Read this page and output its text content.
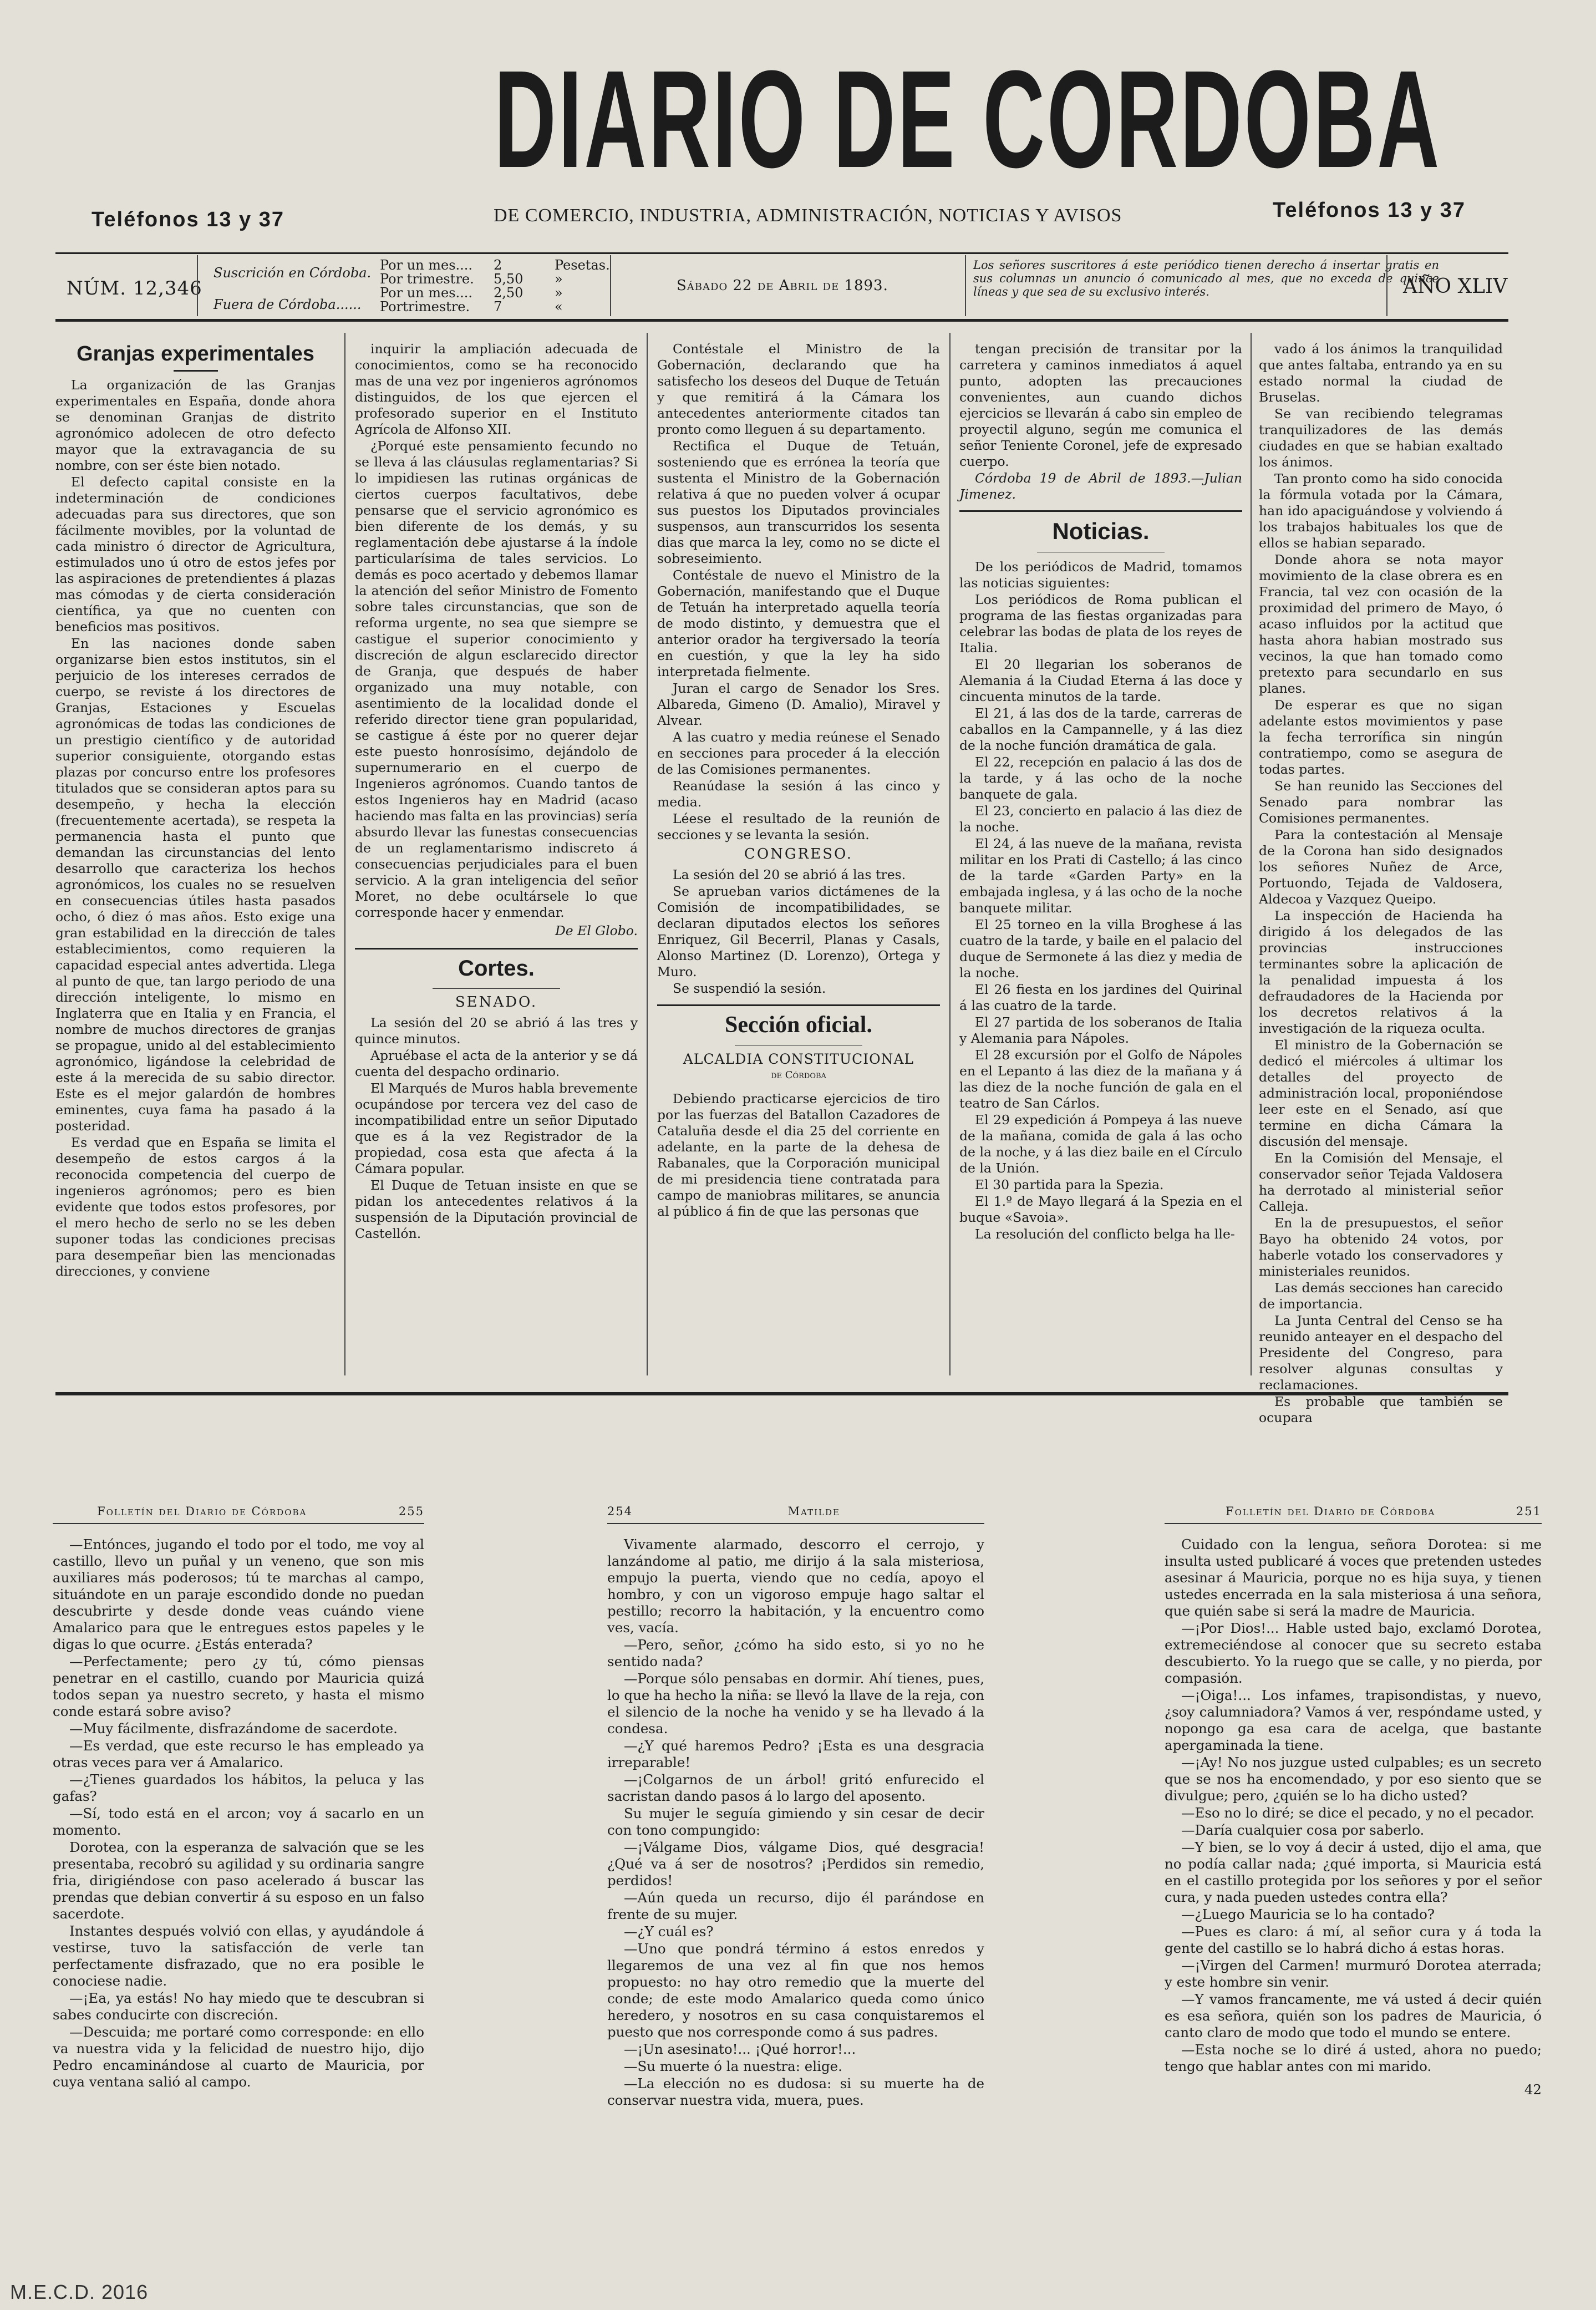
DIARIO DE CORDOBA
Teléfonos 13 y 37	Teléfonos 13 y 37
DE COMERCIO, INDUSTRIA, ADMINISTRACIÓN, NOTICIAS Y AVISOS
NÚM. 12,346
Suscrición en Córdoba.
Fuera de Córdoba......
Por un mes....	2	Pesetas.
Por trimestre.	5,50	»
Por un mes....	2,50	»
Portrimestre.	7	«
Sábado 22 de Abril de 1893.
Los señores suscritores á este periódico tienen derecho á insertar gratis en sus columnas un anuncio ó comunicado al mes, que no exceda de quince líneas y que sea de su exclusivo interés.	AÑO XLIV
Granjas experimentales

La organización de las Granjas experimentales en España, donde ahora se denominan Granjas de distrito agronómico adolecen de otro defecto mayor que la extravagancia de su nombre, con ser éste bien notado.

El defecto capital consiste en la indeterminación de condiciones adecuadas para sus directores, que son fácilmente movibles, por la voluntad de cada ministro ó director de Agricultura, estimulados uno ú otro de estos jefes por las aspiraciones de pretendientes á plazas mas cómodas y de cierta consideración científica, ya que no cuenten con beneficios mas positivos.

En las naciones donde saben organizarse bien estos institutos, sin el perjuicio de los intereses cerrados de cuerpo, se reviste á los directores de Granjas, Estaciones y Escuelas agronómicas de todas las condiciones de un prestigio científico y de autoridad superior consiguiente, otorgando estas plazas por concurso entre los profesores titulados que se consideran aptos para su desempeño, y hecha la elección (frecuentemente acertada), se respeta la permanencia hasta el punto que demandan las circunstancias del lento desarrollo que caracteriza los hechos agronómicos, los cuales no se resuelven en consecuencias útiles hasta pasados ocho, ó diez ó mas años. Esto exige una gran estabilidad en la dirección de tales establecimientos, como requieren la capacidad especial antes advertida. Llega al punto de que, tan largo periodo de una dirección inteligente, lo mismo en Inglaterra que en Italia y en Francia, el nombre de muchos directores de granjas se propague, unido al del establecimiento agronómico, ligándose la celebridad de este á la merecida de su sabio director. Este es el mejor galardón de hombres eminentes, cuya fama ha pasado á la posteridad.

Es verdad que en España se limita el desempeño de estos cargos á la reconocida competencia del cuerpo de ingenieros agrónomos; pero es bien evidente que todos estos profesores, por el mero hecho de serlo no se les deben suponer todas las condiciones precisas para desempeñar bien las mencionadas direcciones, y conviene

inquirir la ampliación adecuada de conocimientos, como se ha reconocido mas de una vez por ingenieros agrónomos distinguidos, de los que ejercen el profesorado superior en el Instituto Agrícola de Alfonso XII.

¿Porqué este pensamiento fecundo no se lleva á las cláusulas reglamentarias? Si lo impidiesen las rutinas orgánicas de ciertos cuerpos facultativos, debe pensarse que el servicio agronómico es bien diferente de los demás, y su reglamentación debe ajustarse á la índole particularísima de tales servicios. Lo demás es poco acertado y debemos llamar la atención del señor Ministro de Fomento sobre tales circunstancias, que son de reforma urgente, no sea que siempre se castigue el superior conocimiento y discreción de algun esclarecido director de Granja, que después de haber organizado una muy notable, con asentimiento de la localidad donde el referido director tiene gran popularidad, se castigue á éste por no querer dejar este puesto honrosísimo, dejándolo de supernumerario en el cuerpo de Ingenieros agrónomos. Cuando tantos de estos Ingenieros hay en Madrid (acaso haciendo mas falta en las provincias) sería absurdo llevar las funestas consecuencias de un reglamentarismo indiscreto á consecuencias perjudiciales para el buen servicio. A la gran inteligencia del señor Moret, no debe ocultársele lo que corresponde hacer y enmendar.

De El Globo.
Cortes.
SENADO.

La sesión del 20 se abrió á las tres y quince minutos.

Apruébase el acta de la anterior y se dá cuenta del despacho ordinario.

El Marqués de Muros habla brevemente ocupándose por tercera vez del caso de incompatibilidad entre un señor Diputado que es á la vez Registrador de la propiedad, cosa esta que afecta á la Cámara popular.

El Duque de Tetuan insiste en que se pidan los antecedentes relativos á la suspensión de la Diputación provincial de Castellón.

Contéstale el Ministro de la Gobernación, declarando que ha satisfecho los deseos del Duque de Tetuán y que remitirá á la Cámara los antecedentes anteriormente citados tan pronto como lleguen á su departamento.

Rectifica el Duque de Tetuán, sosteniendo que es errónea la teoría que sustenta el Ministro de la Gobernación relativa á que no pueden volver á ocupar sus puestos los Diputados provinciales suspensos, aun transcurridos los sesenta dias que marca la ley, como no se dicte el sobreseimiento.

Contéstale de nuevo el Ministro de la Gobernación, manifestando que el Duque de Tetuán ha interpretado aquella teoría de modo distinto, y demuestra que el anterior orador ha tergiversado la teoría en cuestión, y que la ley ha sido interpretada fielmente.

Juran el cargo de Senador los Sres. Albareda, Gimeno (D. Amalio), Miravel y Alvear.

A las cuatro y media reúnese el Senado en secciones para proceder á la elección de las Comisiones permanentes.

Reanúdase la sesión á las cinco y media.

Léese el resultado de la reunión de secciones y se levanta la sesión.

CONGRESO.

La sesión del 20 se abrió á las tres.

Se aprueban varios dictámenes de la Comisión de incompatibilidades, se declaran diputados electos los señores Enriquez, Gil Becerril, Planas y Casals, Alonso Martinez (D. Lorenzo), Ortega y Muro.

Se suspendió la sesión.

Sección oficial.
ALCALDIA CONSTITUCIONAL
de Córdoba

Debiendo practicarse ejercicios de tiro por las fuerzas del Batallon Cazadores de Cataluña desde el dia 25 del corriente en adelante, en la parte de la dehesa de Rabanales, que la Corporación municipal de mi presidencia tiene contratada para campo de maniobras militares, se anuncia al público á fin de que las personas que

tengan precisión de transitar por la carretera y caminos inmediatos á aquel punto, adopten las precauciones convenientes, aun cuando dichos ejercicios se llevarán á cabo sin empleo de proyectil alguno, según me comunica el señor Teniente Coronel, jefe de expresado cuerpo.

Córdoba 19 de Abril de 1893.—Julian Jimenez.
Noticias.

De los periódicos de Madrid, tomamos las noticias siguientes:

Los periódicos de Roma publican el programa de las fiestas organizadas para celebrar las bodas de plata de los reyes de Italia.

El 20 llegarian los soberanos de Alemania á la Ciudad Eterna á las doce y cincuenta minutos de la tarde.

El 21, á las dos de la tarde, carreras de caballos en la Campannelle, y á las diez de la noche función dramática de gala.

El 22, recepción en palacio á las dos de la tarde, y á las ocho de la noche banquete de gala.

El 23, concierto en palacio á las diez de la noche.

El 24, á las nueve de la mañana, revista militar en los Prati di Castello; á las cinco de la tarde «Garden Party» en la embajada inglesa, y á las ocho de la noche banquete militar.

El 25 torneo en la villa Broghese á las cuatro de la tarde, y baile en el palacio del duque de Sermonete á las diez y media de la noche.

El 26 fiesta en los jardines del Quirinal á las cuatro de la tarde.

El 27 partida de los soberanos de Italia y Alemania para Nápoles.

El 28 excursión por el Golfo de Nápoles en el Lepanto á las diez de la mañana y á las diez de la noche función de gala en el teatro de San Cárlos.

El 29 expedición á Pompeya á las nueve de la mañana, comida de gala á las ocho de la noche, y á las diez baile en el Círculo de la Unión.

El 30 partida para la Spezia.

El 1.º de Mayo llegará á la Spezia en el buque «Savoia».

La resolución del conflicto belga ha lle-

vado á los ánimos la tranquilidad que antes faltaba, entrando ya en su estado normal la ciudad de Bruselas.

Se van recibiendo telegramas tranquilizadores de las demás ciudades en que se habian exaltado los ánimos.

Tan pronto como ha sido conocida la fórmula votada por la Cámara, han ido apaciguándose y volviendo á los trabajos habituales los que de ellos se habian separado.

Donde ahora se nota mayor movimiento de la clase obrera es en Francia, tal vez con ocasión de la proximidad del primero de Mayo, ó acaso influidos por la actitud que hasta ahora habian mostrado sus vecinos, la que han tomado como pretexto para secundarlo en sus planes.

De esperar es que no sigan adelante estos movimientos y pase la fecha terrorífica sin ningún contratiempo, como se asegura de todas partes.

Se han reunido las Secciones del Senado para nombrar las Comisiones permanentes.

Para la contestación al Mensaje de la Corona han sido designados los señores Nuñez de Arce, Portuondo, Tejada de Valdosera, Aldecoa y Vazquez Queipo.

La inspección de Hacienda ha dirigido á los delegados de las provincias instrucciones terminantes sobre la aplicación de la penalidad impuesta á los defraudadores de la Hacienda por los decretos relativos á la investigación de la riqueza oculta.

El ministro de la Gobernación se dedicó el miércoles á ultimar los detalles del proyecto de administración local, proponiéndose leer este en el Senado, así que termine en dicha Cámara la discusión del mensaje.

En la Comisión del Mensaje, el conservador señor Tejada Valdosera ha derrotado al ministerial señor Calleja.

En la de presupuestos, el señor Bayo ha obtenido 24 votos, por haberle votado los conservadores y ministeriales reunidos.

Las demás secciones han carecido de importancia.

La Junta Central del Censo se ha reunido anteayer en el despacho del Presidente del Congreso, para resolver algunas consultas y reclamaciones.

Es probable que también se ocupara

Folletín del Diario de Córdoba	255

—Entónces, jugando el todo por el todo, me voy al castillo, llevo un puñal y un veneno, que son mis auxiliares más poderosos; tú te marchas al campo, situándote en un paraje escondido donde no puedan descubrirte y desde donde veas cuándo viene Amalarico para que le entregues estos papeles y le digas lo que ocurre. ¿Estás enterada?

—Perfectamente; pero ¿y tú, cómo piensas penetrar en el castillo, cuando por Mauricia quizá todos sepan ya nuestro secreto, y hasta el mismo conde estará sobre aviso?

—Muy fácilmente, disfrazándome de sacerdote.

—Es verdad, que este recurso le has empleado ya otras veces para ver á Amalarico.

—¿Tienes guardados los hábitos, la peluca y las gafas?

—Sí, todo está en el arcon; voy á sacarlo en un momento.

Dorotea, con la esperanza de salvación que se les presentaba, recobró su agilidad y su ordinaria sangre fria, dirigiéndose con paso acelerado á buscar las prendas que debian convertir á su esposo en un falso sacerdote.

Instantes después volvió con ellas, y ayudándole á vestirse, tuvo la satisfacción de verle tan perfectamente disfrazado, que no era posible le conociese nadie.

—¡Ea, ya estás! No hay miedo que te descubran si sabes conducirte con discreción.

—Descuida; me portaré como corresponde: en ello va nuestra vida y la felicidad de nuestro hijo, dijo Pedro encaminándose al cuarto de Mauricia, por cuya ventana salió al campo.

254	Matilde

Vivamente alarmado, descorro el cerrojo, y lanzándome al patio, me dirijo á la sala misteriosa, empujo la puerta, viendo que no cedía, apoyo el hombro, y con un vigoroso empuje hago saltar el pestillo; recorro la habitación, y la encuentro como ves, vacía.

—Pero, señor, ¿cómo ha sido esto, si yo no he sentido nada?

—Porque sólo pensabas en dormir. Ahí tienes, pues, lo que ha hecho la niña: se llevó la llave de la reja, con el silencio de la noche ha venido y se ha llevado á la condesa.

—¿Y qué haremos Pedro? ¡Esta es una desgracia irreparable!

—¡Colgarnos de un árbol! gritó enfurecido el sacristan dando pasos á lo largo del aposento.

Su mujer le seguía gimiendo y sin cesar de decir con tono compungido:

—¡Válgame Dios, válgame Dios, qué desgracia! ¿Qué va á ser de nosotros? ¡Perdidos sin remedio, perdidos!

—Aún queda un recurso, dijo él parándose en frente de su mujer.

—¿Y cuál es?

—Uno que pondrá término á estos enredos y llegaremos de una vez al fin que nos hemos propuesto: no hay otro remedio que la muerte del conde; de este modo Amalarico queda como único heredero, y nosotros en su casa conquistaremos el puesto que nos corresponde como á sus padres.

—¡Un asesinato!... ¡Qué horror!...

—Su muerte ó la nuestra: elige.

—La elección no es dudosa: si su muerte ha de conservar nuestra vida, muera, pues.

Folletín del Diario de Córdoba	251

Cuidado con la lengua, señora Dorotea: si me insulta usted publicaré á voces que pretenden ustedes asesinar á Mauricia, porque no es hija suya, y tienen ustedes encerrada en la sala misteriosa á una señora, que quién sabe si será la madre de Mauricia.

—¡Por Dios!... Hable usted bajo, exclamó Dorotea, extremeciéndose al conocer que su secreto estaba descubierto. Yo la ruego que se calle, y no pierda, por compasión.

—¡Oiga!... Los infames, trapisondistas, y nuevo, ¿soy calumniadora? Vamos á ver, respóndame usted, y nopongo ga esa cara de acelga, que bastante apergaminada la tiene.

—¡Ay! No nos juzgue usted culpables; es un secreto que se nos ha encomendado, y por eso siento que se divulgue; pero, ¿quién se lo ha dicho usted?

—Eso no lo diré; se dice el pecado, y no el pecador.

—Daría cualquier cosa por saberlo.

—Y bien, se lo voy á decir á usted, dijo el ama, que no podía callar nada; ¿qué importa, si Mauricia está en el castillo protegida por los señores y por el señor cura, y nada pueden ustedes contra ella?

—¿Luego Mauricia se lo ha contado?

—Pues es claro: á mí, al señor cura y á toda la gente del castillo se lo habrá dicho á estas horas.

—¡Virgen del Carmen! murmuró Dorotea aterrada; y este hombre sin venir.

—Y vamos francamente, me vá usted á decir quién es esa señora, quién son los padres de Mauricia, ó canto claro de modo que todo el mundo se entere.

—Esta noche se lo diré á usted, ahora no puedo; tengo que hablar antes con mi marido.

42
M.E.C.D. 2016
